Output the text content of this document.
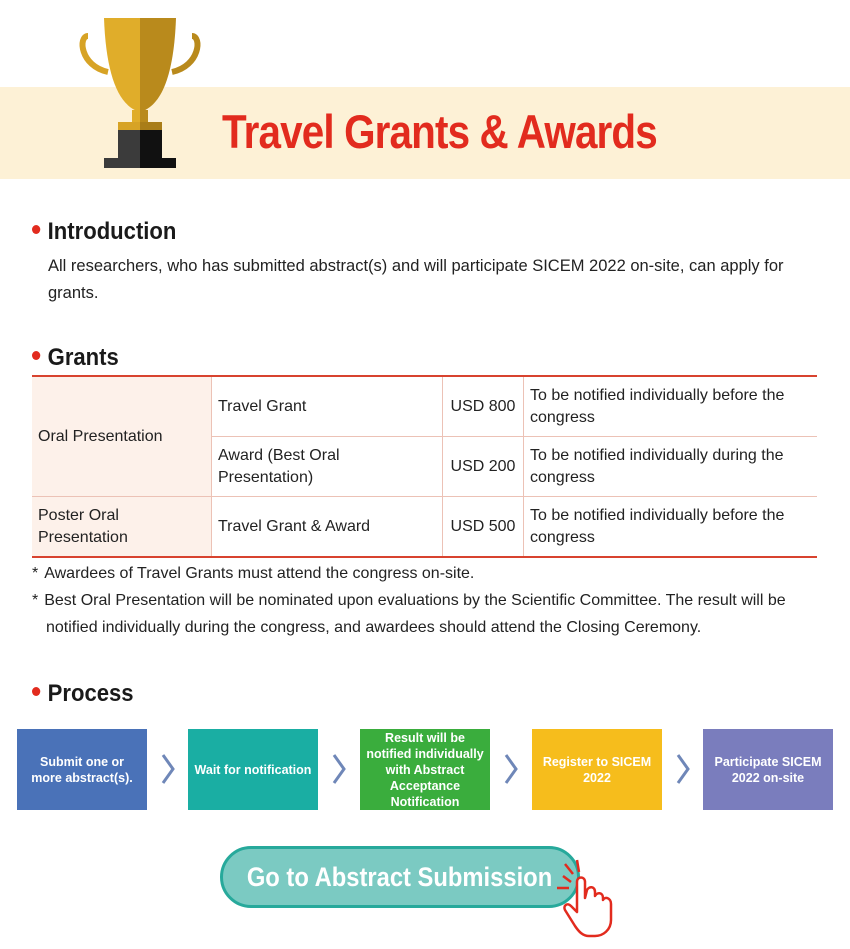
Travel Grants & Awards
Introduction

All researchers, who has submitted abstract(s) and will participate SICEM 2022 on-site, can apply for grants.

Grants
Oral Presentation	Travel Grant	USD 800	To be notified individually before the congress
	Award (Best Oral Presentation)	USD 200	To be notified individually during the congress
Poster Oral Presentation	Travel Grant & Award	USD 500	To be notified individually before the congress
* Awardees of Travel Grants must attend the congress on-site.
* Best Oral Presentation will be nominated upon evaluations by the Scientific Committee. The result will be notified individually during the congress, and awardees should attend the Closing Ceremony.
Process
Submit one or more abstract(s).
Wait for notification
Result will be notified individually with Abstract Acceptance Notification
Register to SICEM 2022
Participate SICEM 2022 on-site
Go to Abstract Submission
